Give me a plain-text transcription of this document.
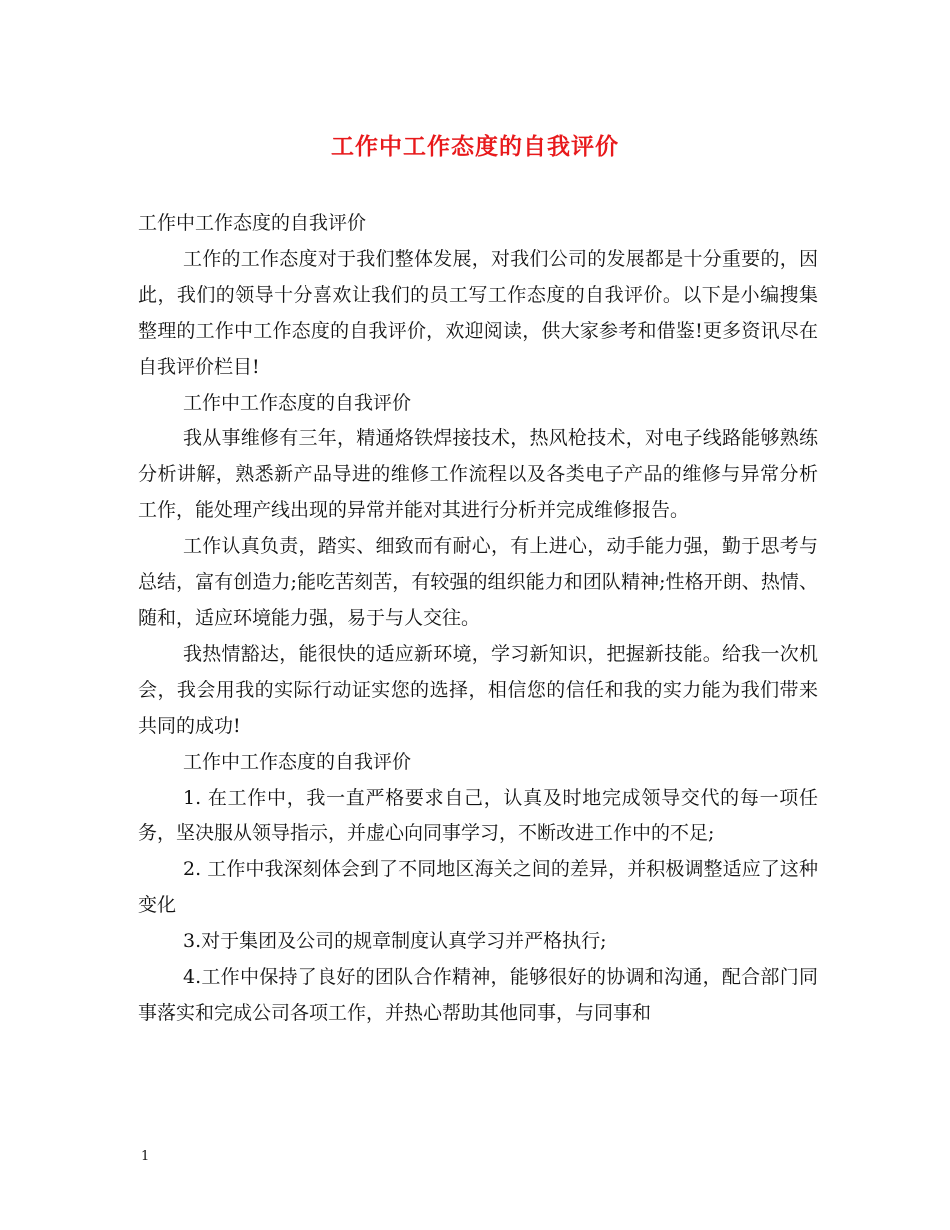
工作中工作态度的自我评价

工作中工作态度的自我评价

工作的工作态度对于我们整体发展，对我们公司的发展都是十分重要的，因此，我们的领导十分喜欢让我们的员工写工作态度的自我评价。以下是小编搜集整理的工作中工作态度的自我评价，欢迎阅读，供大家参考和借鉴!更多资讯尽在自我评价栏目!

工作中工作态度的自我评价

我从事维修有三年，精通烙铁焊接技术，热风枪技术，对电子线路能够熟练分析讲解，熟悉新产品导进的维修工作流程以及各类电子产品的维修与异常分析工作，能处理产线出现的异常并能对其进行分析并完成维修报告。

工作认真负责，踏实、细致而有耐心，有上进心，动手能力强，勤于思考与总结，富有创造力;能吃苦刻苦，有较强的组织能力和团队精神;性格开朗、热情、随和，适应环境能力强，易于与人交往。

我热情豁达，能很快的适应新环境，学习新知识，把握新技能。给我一次机会，我会用我的实际行动证实您的选择，相信您的信任和我的实力能为我们带来共同的成功!

工作中工作态度的自我评价

1. 在工作中，我一直严格要求自己，认真及时地完成领导交代的每一项任务，坚决服从领导指示，并虚心向同事学习，不断改进工作中的不足;

2. 工作中我深刻体会到了不同地区海关之间的差异，并积极调整适应了这种变化

3.对于集团及公司的规章制度认真学习并严格执行;

4.工作中保持了良好的团队合作精神，能够很好的协调和沟通，配合部门同事落实和完成公司各项工作，并热心帮助其他同事，与同事和

1
